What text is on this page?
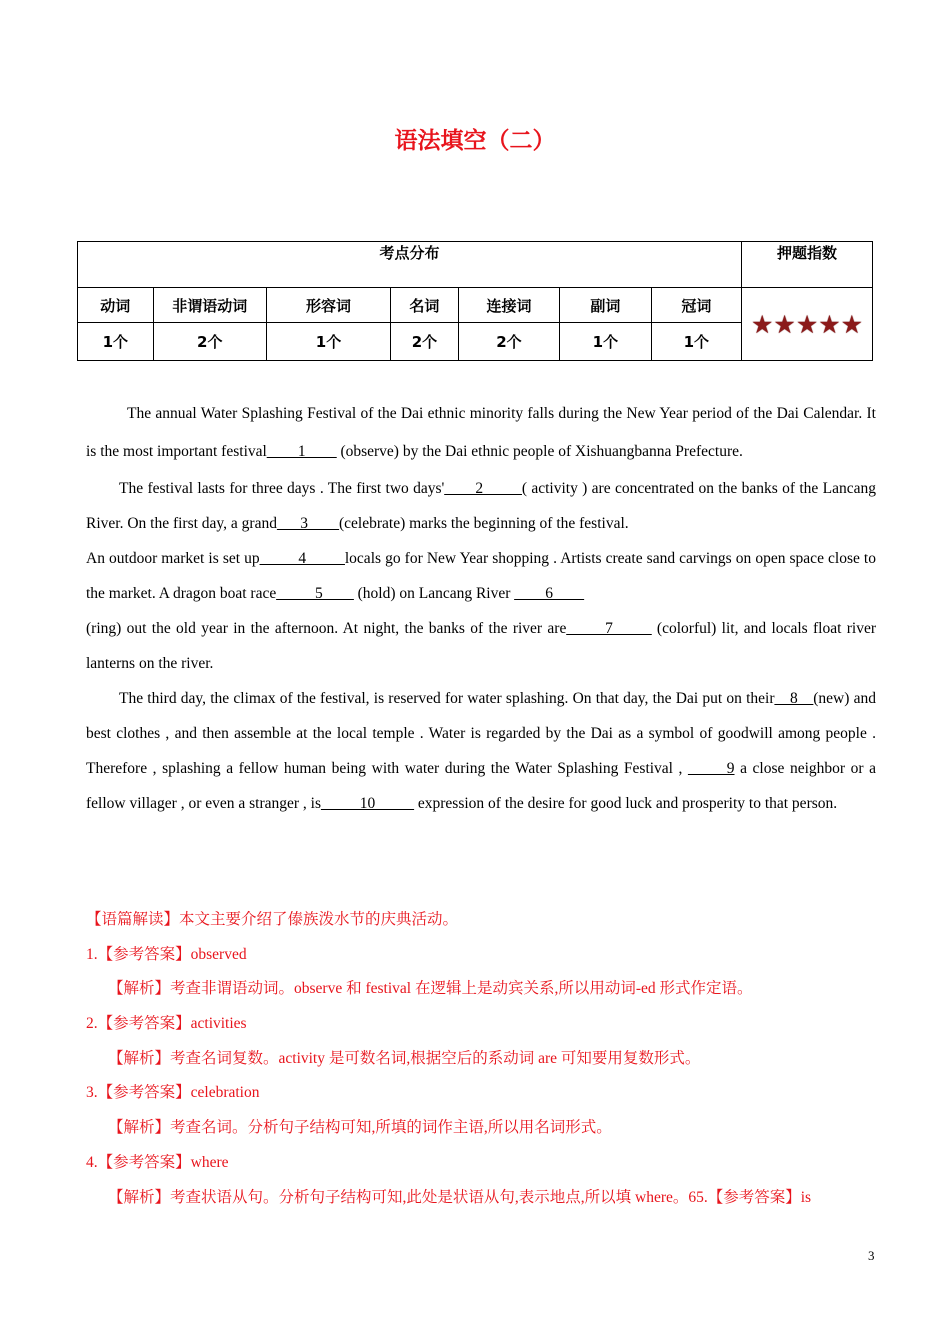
语法填空（二）
考点分布							押题指数
动词	非谓语动词	形容词	名词	连接词	副词	冠词	★ ★ ★ ★ ★

1个	2个	1个	2个	2个	1个	1个	

The annual Water Splashing Festival of the Dai ethnic minority falls during the New Year period of the Dai Calendar. It is the most important festival____1____ (observe) by the Dai ethnic people of Xishuangbanna Prefecture.

The festival lasts for three days . The first two days'____2_____( activity ) are concentrated on the banks of the Lancang River. On the first day, a grand___3____(celebrate) marks the beginning of the festival.

An outdoor market is set up_____4_____locals go for New Year shopping . Artists create sand carvings on open space close to the market. A dragon boat race_____5____ (hold) on Lancang River ____6____

(ring) out the old year in the afternoon. At night, the banks of the river are_____7_____ (colorful) lit, and locals float river lanterns on the river.

The third day, the climax of the festival, is reserved for water splashing. On that day, the Dai put on their__8__(new) and best clothes , and then assemble at the local temple . Water is regarded by the Dai as a symbol of goodwill among people . Therefore , splashing a fellow human being with water during the Water Splashing Festival , _____9 a close neighbor or a fellow villager , or even a stranger , is_____10_____ expression of the desire for good luck and prosperity to that person.

【语篇解读】本文主要介绍了傣族泼水节的庆典活动。
1.【参考答案】observed
【解析】考查非谓语动词。observe 和 festival 在逻辑上是动宾关系,所以用动词-ed 形式作定语。
2.【参考答案】activities
【解析】考查名词复数。activity 是可数名词,根据空后的系动词 are 可知要用复数形式。
3.【参考答案】celebration
【解析】考查名词。分析句子结构可知,所填的词作主语,所以用名词形式。
4.【参考答案】where
【解析】考查状语从句。分析句子结构可知,此处是状语从句,表示地点,所以填 where。65.【参考答案】is
3
